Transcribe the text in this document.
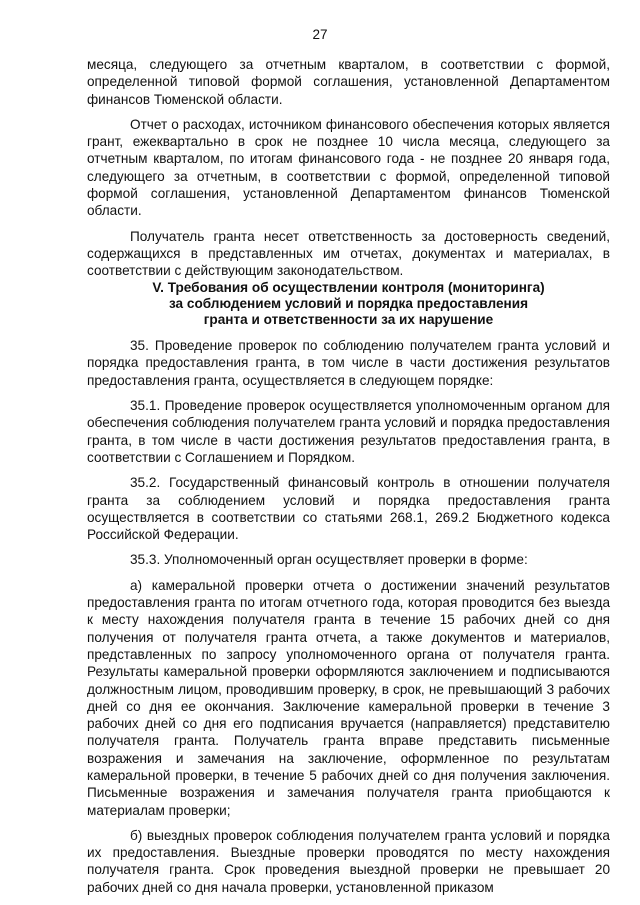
27

месяца, следующего за отчетным кварталом, в соответствии с формой, определенной типовой формой соглашения, установленной Департаментом финансов Тюменской области.

Отчет о расходах, источником финансового обеспечения которых является грант, ежеквартально в срок не позднее 10 числа месяца, следующего за отчетным кварталом, по итогам финансового года - не позднее 20 января года, следующего за отчетным, в соответствии с формой, определенной типовой формой соглашения, установленной Департаментом финансов Тюменской области.

Получатель гранта несет ответственность за достоверность сведений, содержащихся в представленных им отчетах, документах и материалах, в соответствии с действующим законодательством.

V. Требования об осуществлении контроля (мониторинга)
за соблюдением условий и порядка предоставления
гранта и ответственности за их нарушение

35. Проведение проверок по соблюдению получателем гранта условий и порядка предоставления гранта, в том числе в части достижения результатов предоставления гранта, осуществляется в следующем порядке:

35.1. Проведение проверок осуществляется уполномоченным органом для обеспечения соблюдения получателем гранта условий и порядка предоставления гранта, в том числе в части достижения результатов предоставления гранта, в соответствии с Соглашением и Порядком.

35.2. Государственный финансовый контроль в отношении получателя гранта за соблюдением условий и порядка предоставления гранта осуществляется в соответствии со статьями 268.1, 269.2 Бюджетного кодекса Российской Федерации.

35.3. Уполномоченный орган осуществляет проверки в форме:

а) камеральной проверки отчета о достижении значений результатов предоставления гранта по итогам отчетного года, которая проводится без выезда к месту нахождения получателя гранта в течение 15 рабочих дней со дня получения от получателя гранта отчета, а также документов и материалов, представленных по запросу уполномоченного органа от получателя гранта. Результаты камеральной проверки оформляются заключением и подписываются должностным лицом, проводившим проверку, в срок, не превышающий 3 рабочих дней со дня ее окончания. Заключение камеральной проверки в течение 3 рабочих дней со дня его подписания вручается (направляется) представителю получателя гранта. Получатель гранта вправе представить письменные возражения и замечания на заключение, оформленное по результатам камеральной проверки, в течение 5 рабочих дней со дня получения заключения. Письменные возражения и замечания получателя гранта приобщаются к материалам проверки;

б) выездных проверок соблюдения получателем гранта условий и порядка их предоставления. Выездные проверки проводятся по месту нахождения получателя гранта. Срок проведения выездной проверки не превышает 20 рабочих дней со дня начала проверки, установленной приказом
